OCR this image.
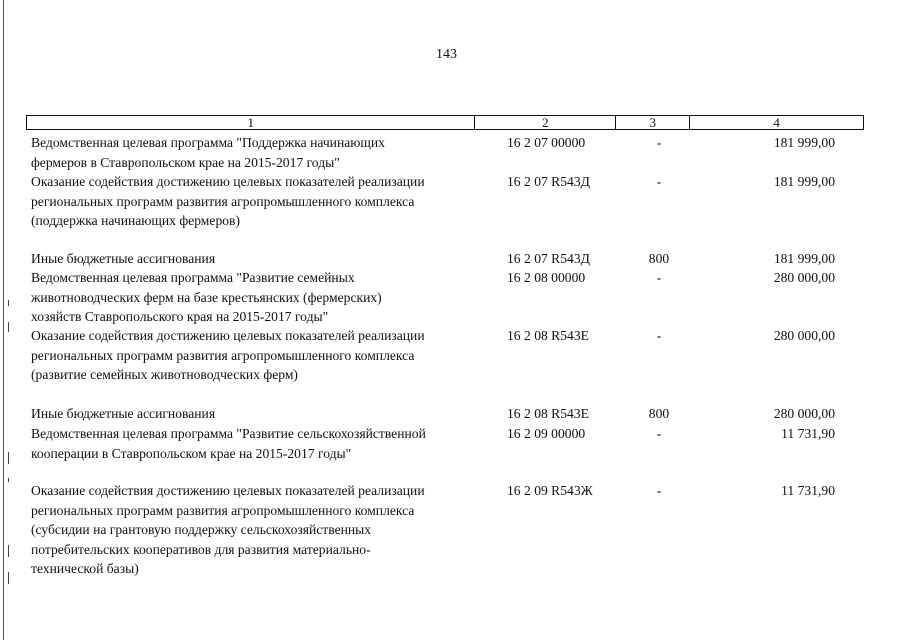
143
1	2	3	4
Ведомственная целевая программа "Поддержка начинающих
фермеров в Ставропольском крае на 2015-2017 годы"
16 2 07 00000	-	181 999,00
Оказание содействия достижению целевых показателей реализации
региональных программ развития агропромышленного комплекса
(поддержка начинающих фермеров)
16 2 07 R543Д	-	181 999,00
Иные бюджетные ассигнования	16 2 07 R543Д	800	181 999,00
Ведомственная целевая программа "Развитие семейных
животноводческих ферм на базе крестьянских (фермерских)
хозяйств Ставропольского края на 2015-2017 годы"
16 2 08 00000	-	280 000,00
Оказание содействия достижению целевых показателей реализации
региональных программ развития агропромышленного комплекса
(развитие семейных животноводческих ферм)
16 2 08 R543E	-	280 000,00
Иные бюджетные ассигнования	16 2 08 R543E	800	280 000,00
Ведомственная целевая программа "Развитие сельскохозяйственной
кооперации в Ставропольском крае на 2015-2017 годы"
16 2 09 00000	-	11 731,90
Оказание содействия достижению целевых показателей реализации
региональных программ развития агропромышленного комплекса
(субсидии на грантовую поддержку сельскохозяйственных
потребительских кооперативов для развития материально-
технической базы)
16 2 09 R543Ж	-	11 731,90
